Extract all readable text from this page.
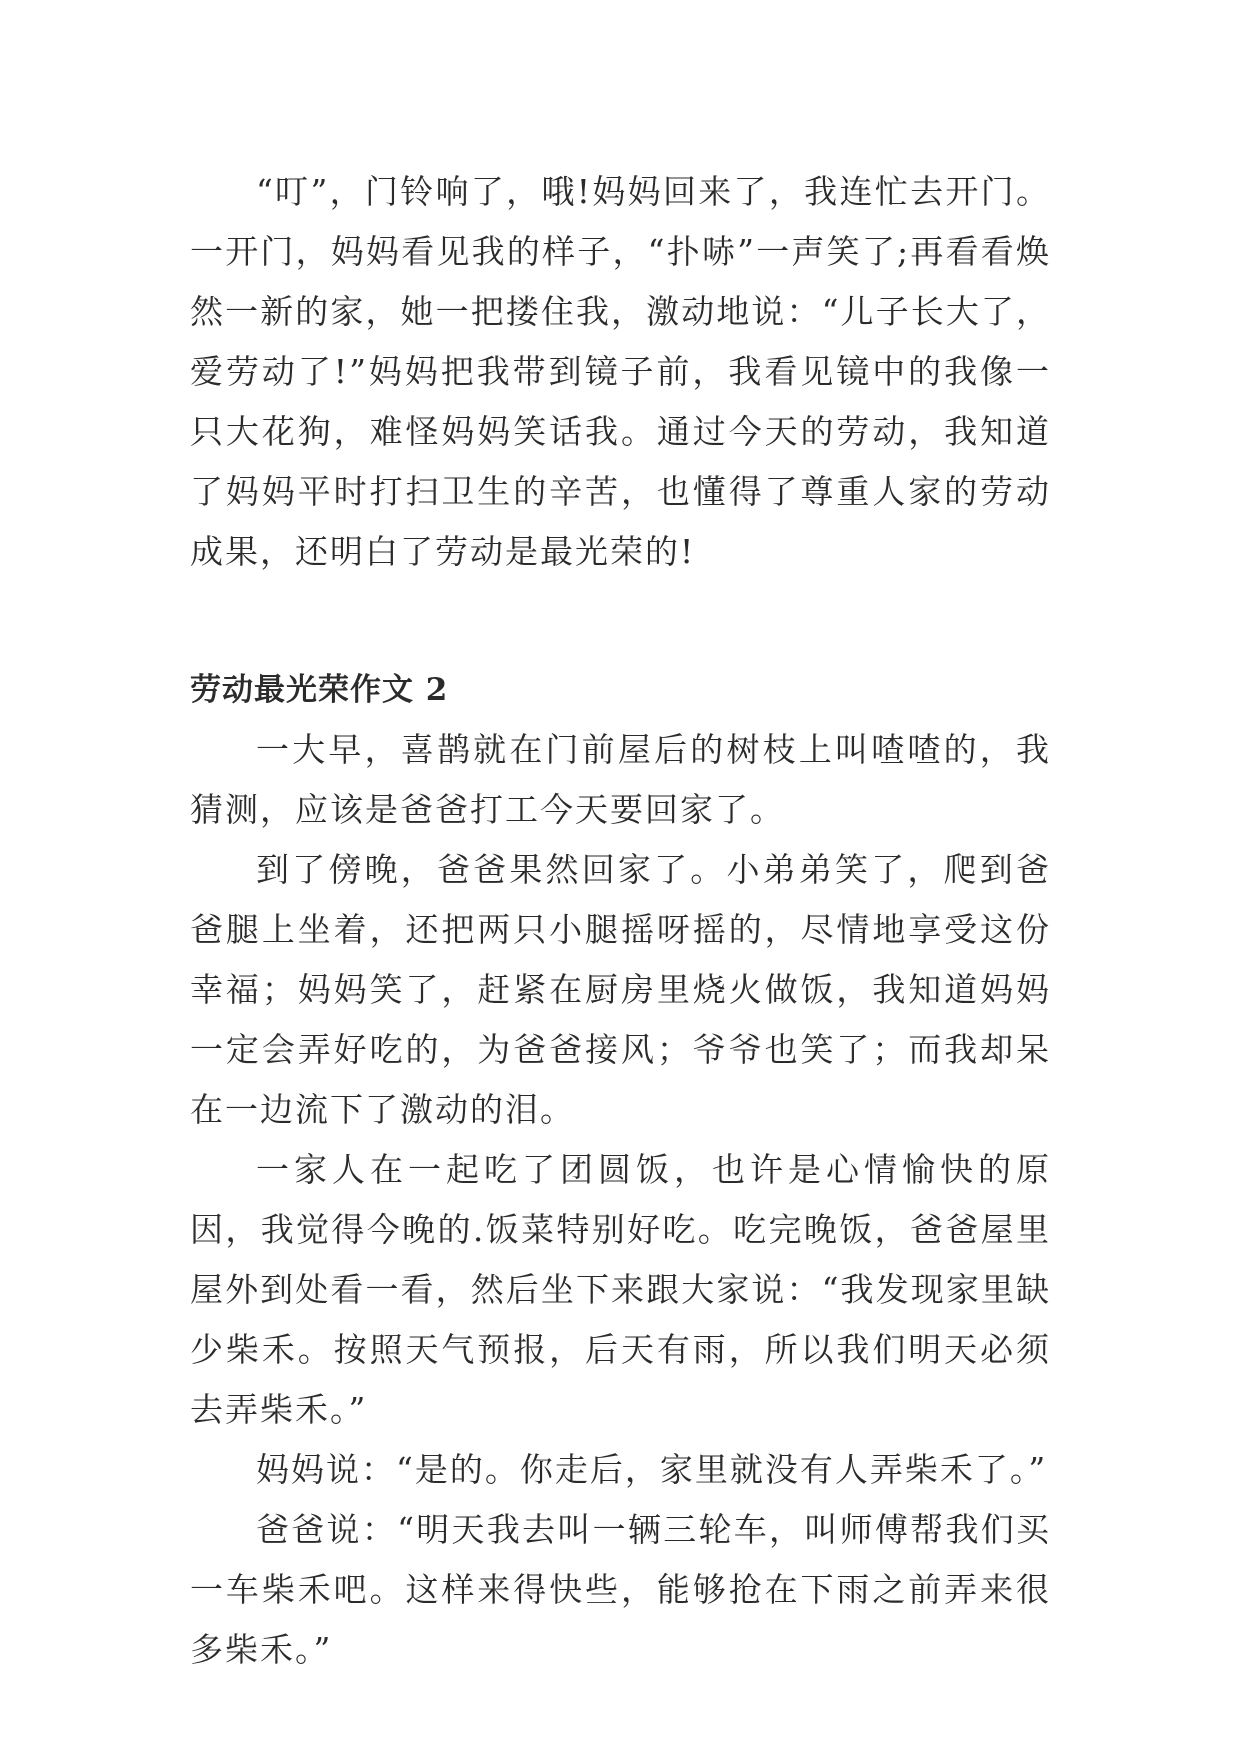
“叮”，门铃响了，哦!妈妈回来了，我连忙去开门。一开门，妈妈看见我的样子，“扑哧”一声笑了;再看看焕然一新的家，她一把搂住我，激动地说：“儿子长大了，爱劳动了!”妈妈把我带到镜子前，我看见镜中的我像一只大花狗，难怪妈妈笑话我。通过今天的劳动，我知道了妈妈平时打扫卫生的辛苦，也懂得了尊重人家的劳动成果，还明白了劳动是最光荣的!

劳动最光荣作文 2

一大早，喜鹊就在门前屋后的树枝上叫喳喳的，我猜测，应该是爸爸打工今天要回家了。

到了傍晚，爸爸果然回家了。小弟弟笑了，爬到爸爸腿上坐着，还把两只小腿摇呀摇的，尽情地享受这份幸福；妈妈笑了，赶紧在厨房里烧火做饭，我知道妈妈一定会弄好吃的，为爸爸接风；爷爷也笑了；而我却呆在一边流下了激动的泪。

一家人在一起吃了团圆饭，也许是心情愉快的原因，我觉得今晚的.饭菜特别好吃。吃完晚饭，爸爸屋里屋外到处看一看，然后坐下来跟大家说：“我发现家里缺少柴禾。按照天气预报，后天有雨，所以我们明天必须去弄柴禾。”

妈妈说：“是的。你走后，家里就没有人弄柴禾了。”

爸爸说：“明天我去叫一辆三轮车，叫师傅帮我们买一车柴禾吧。这样来得快些，能够抢在下雨之前弄来很多柴禾。”
